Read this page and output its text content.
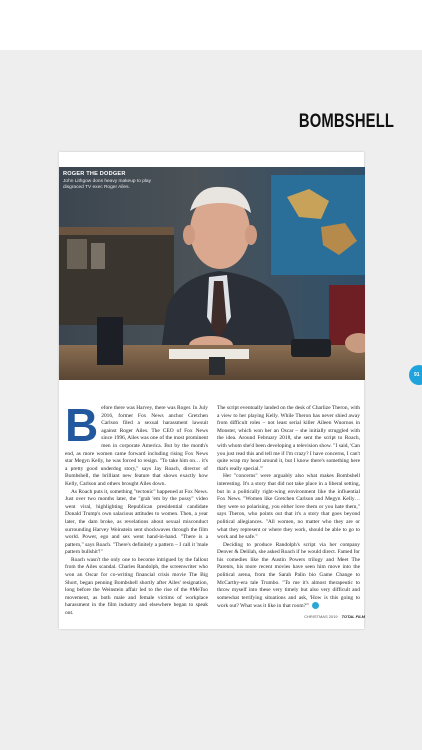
BOMBSHELL
ROGER THE DODGER
John Lithgow dons heavy makeup to play disgraced TV exec Roger Ailes.

Before there was Harvey, there was Roger. In July 2016, former Fox News anchor Gretchen Carlson filed a sexual harassment lawsuit against Roger Ailes. The CEO of Fox News since 1996, Ailes was one of the most prominent men in corporate America. But by the month's end, as more women came forward including rising Fox News star Megyn Kelly, he was forced to resign. "To take him on… it's a pretty good underdog story," says Jay Roach, director of Bombshell, the brilliant new feature that shows exactly how Kelly, Carlson and others brought Ailes down.

As Roach puts it, something "tectonic" happened at Fox News. Just over two months later, the "grab 'em by the pussy" video went viral, highlighting Republican presidential candidate Donald Trump's own salacious attitudes to women. Then, a year later, the dam broke, as revelations about sexual misconduct surrounding Harvey Weinstein sent shockwaves through the film world. Power, ego and sex went hand-in-hand. "There is a pattern," says Roach. "There's definitely a pattern – I call it 'male pattern bullshit'!"

Roach wasn't the only one to become intrigued by the fallout from the Ailes scandal. Charles Randolph, the screenwriter who won an Oscar for co-writing financial crisis movie The Big Short, began penning Bombshell shortly after Ailes' resignation, long before the Weinstein affair led to the rise of the #MeToo movement, as both male and female victims of workplace harassment in the film industry and elsewhere began to speak out.

The script eventually landed on the desk of Charlize Theron, with a view to her playing Kelly. While Theron has never shied away from difficult roles – not least serial killer Aileen Wuornos in Monster, which won her an Oscar – she initially struggled with the idea. Around February 2018, she sent the script to Roach, with whom she'd been developing a television show. "I said, 'Can you just read this and tell me if I'm crazy? I have concerns, I can't quite wrap my head around it, but I know there's something here that's really special.'"

Her "concerns" were arguably also what makes Bombshell interesting. It's a story that did not take place in a liberal setting, but in a politically right-wing environment like the influential Fox News. "Women like Gretchen Carlson and Megyn Kelly… they were so polarising, you either love them or you hate them," says Theron, who points out that it's a story that goes beyond political allegiances. "All women, no matter who they are or what they represent or where they work, should be able to go to work and be safe."

Deciding to produce Randolph's script via her company Denver & Delilah, she asked Roach if he would direct. Famed for his comedies like the Austin Powers trilogy and Meet The Parents, his more recent movies have seen him move into the political arena, from the Sarah Palin bio Game Change to McCarthy-era tale Trumbo. "To me it's almost therapeutic to throw myself into these very timely but also very difficult and somewhat terrifying situations and ask, 'How is this going to work out? What was it like in that room?'"

91
CHRISTMAS 2019 TOTAL FILM
